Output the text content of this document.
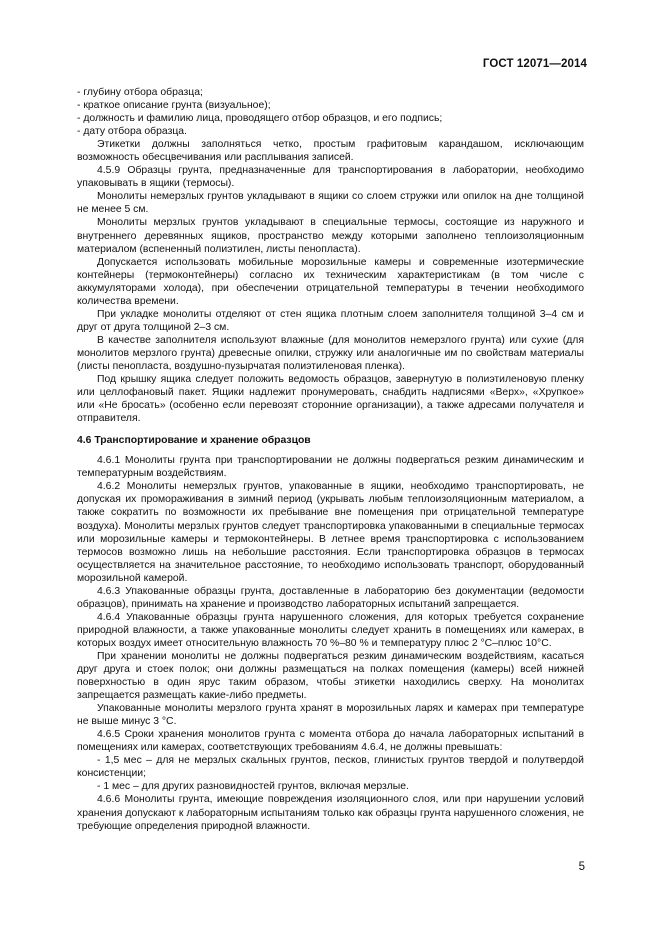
ГОСТ 12071—2014

- глубину отбора образца;

- краткое описание грунта (визуальное);

- должность и фамилию лица, проводящего отбор образцов, и его подпись;

- дату отбора образца.

Этикетки должны заполняться четко, простым графитовым карандашом, исключающим возможность обесцвечивания или расплывания записей.

4.5.9 Образцы грунта, предназначенные для транспортирования в лаборатории, необходимо упаковывать в ящики (термосы).

Монолиты немерзлых грунтов укладывают в ящики со слоем стружки или опилок на дне толщиной не менее 5 см.

Монолиты мерзлых грунтов укладывают в специальные термосы, состоящие из наружного и внутреннего деревянных ящиков, пространство между которыми заполнено теплоизоляционным материалом (вспененный полиэтилен, листы пенопласта).

Допускается использовать мобильные морозильные камеры и современные изотермические контейнеры (термоконтейнеры) согласно их техническим характеристикам (в том числе с аккумуляторами холода), при обеспечении отрицательной температуры в течении необходимого количества времени.

При укладке монолиты отделяют от стен ящика плотным слоем заполнителя толщиной 3–4 см и друг от друга толщиной 2–3 см.

В качестве заполнителя используют влажные (для монолитов немерзлого грунта) или сухие (для монолитов мерзлого грунта) древесные опилки, стружку или аналогичные им по свойствам материалы (листы пенопласта, воздушно-пузырчатая полиэтиленовая пленка).

Под крышку ящика следует положить ведомость образцов, завернутую в полиэтиленовую пленку или целлофановый пакет. Ящики надлежит пронумеровать, снабдить надписями «Верх», «Хрупкое» или «Не бросать» (особенно если перевозят сторонние организации), а также адресами получателя и отправителя.

4.6 Транспортирование и хранение образцов

4.6.1 Монолиты грунта при транспортировании не должны подвергаться резким динамическим и температурным воздействиям.

4.6.2 Монолиты немерзлых грунтов, упакованные в ящики, необходимо транспортировать, не допуская их промораживания в зимний период (укрывать любым теплоизоляционным материалом, а также сократить по возможности их пребывание вне помещения при отрицательной температуре воздуха). Монолиты мерзлых грунтов следует транспортировка упакованными в специальные термосах или морозильные камеры и термоконтейнеры. В летнее время транспортировка с использованием термосов возможно лишь на небольшие расстояния. Если транспортировка образцов в термосах осуществляется на значительное расстояние, то необходимо использовать транспорт, оборудованный морозильной камерой.

4.6.3 Упакованные образцы грунта, доставленные в лабораторию без документации (ведомости образцов), принимать на хранение и производство лабораторных испытаний запрещается.

4.6.4 Упакованные образцы грунта нарушенного сложения, для которых требуется сохранение природной влажности, а также упакованные монолиты следует хранить в помещениях или камерах, в которых воздух имеет относительную влажность 70 %–80 % и температуру плюс 2 °С–плюс 10°С.

При хранении монолиты не должны подвергаться резким динамическим воздействиям, касаться друг друга и стоек полок; они должны размещаться на полках помещения (камеры) всей нижней поверхностью в один ярус таким образом, чтобы этикетки находились сверху. На монолитах запрещается размещать какие-либо предметы.

Упакованные монолиты мерзлого грунта хранят в морозильных ларях и камерах при температуре не выше минус 3 °С.

4.6.5 Сроки хранения монолитов грунта с момента отбора до начала лабораторных испытаний в помещениях или камерах, соответствующих требованиям 4.6.4, не должны превышать:

- 1,5 мес – для не мерзлых скальных грунтов, песков, глинистых грунтов твердой и полутвердой консистенции;

- 1 мес – для других разновидностей грунтов, включая мерзлые.

4.6.6 Монолиты грунта, имеющие повреждения изоляционного слоя, или при нарушении условий хранения допускают к лабораторным испытаниям только как образцы грунта нарушенного сложения, не требующие определения природной влажности.

5
